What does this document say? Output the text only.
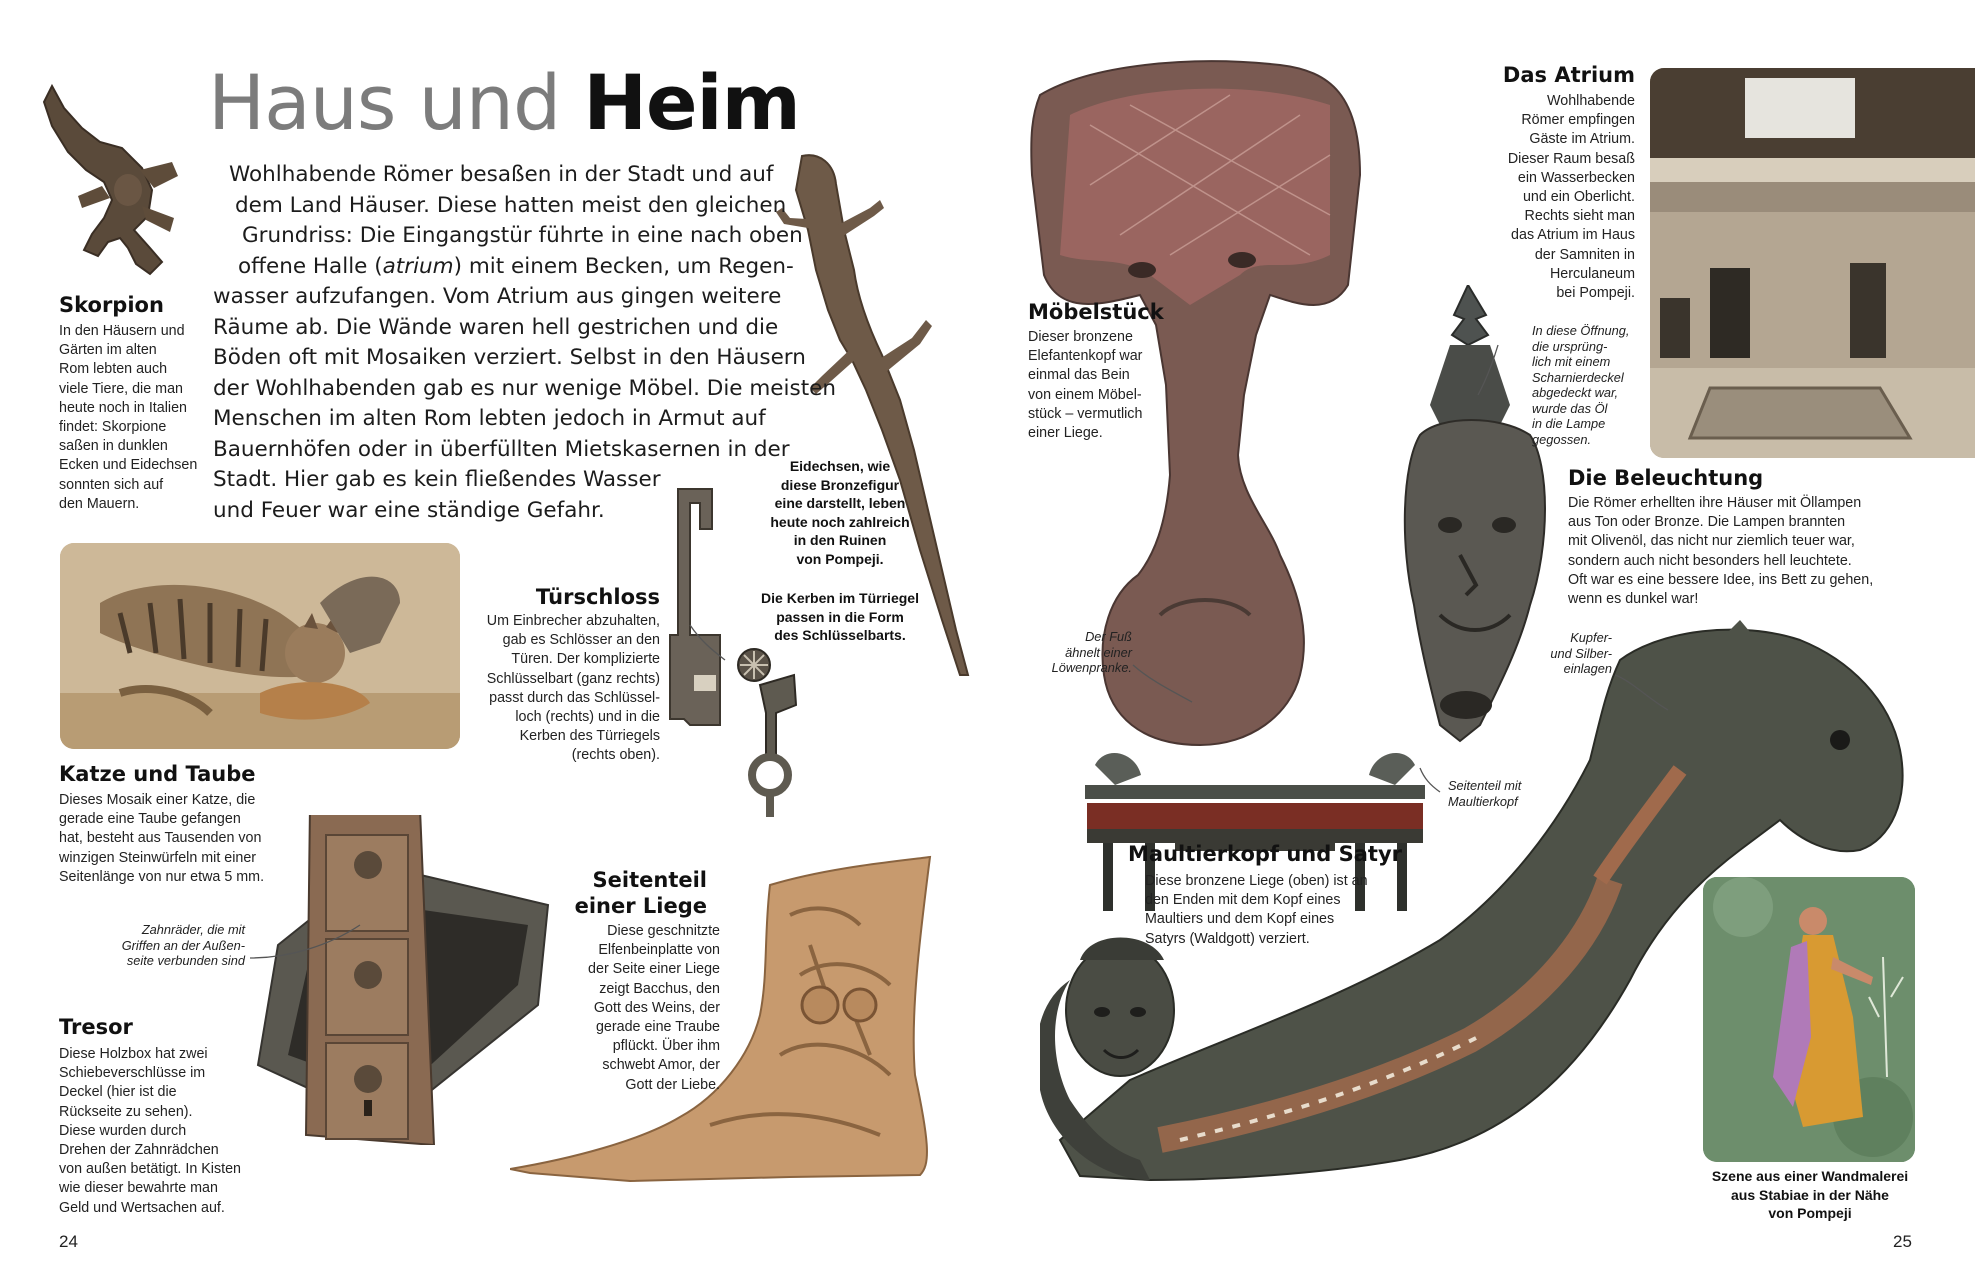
Haus und Heim
Wohlhabende Römer besaßen in der Stadt und auf
dem Land Häuser. Diese hatten meist den gleichen
Grundriss: Die Eingangstür führte in eine nach oben
offene Halle (atrium) mit einem Becken, um Regen-
wasser aufzufangen. Vom Atrium aus gingen weitere
Räume ab. Die Wände waren hell gestrichen und die
Böden oft mit Mosaiken verziert. Selbst in den Häusern
der Wohlhabenden gab es nur wenige Möbel. Die meisten
Menschen im alten Rom lebten jedoch in Armut auf
Bauernhöfen oder in überfüllten Mietskasernen in der
Stadt. Hier gab es kein fließendes Wasser
und Feuer war eine ständige Gefahr.
Skorpion
In den Häusern und
Gärten im alten
Rom lebten auch
viele Tiere, die man
heute noch in Italien
findet: Skorpione
saßen in dunklen
Ecken und Eidechsen
sonnten sich auf
den Mauern.
Eidechsen, wie
diese Bronzefigur
eine darstellt, leben
heute noch zahlreich
in den Ruinen
von Pompeji.
Die Kerben im Türriegel
passen in die Form
des Schlüsselbarts.
Türschloss
Um Einbrecher abzuhalten,
gab es Schlösser an den
Türen. Der komplizierte
Schlüsselbart (ganz rechts)
passt durch das Schlüssel-
loch (rechts) und in die
Kerben des Türriegels
(rechts oben).
Katze und Taube
Dieses Mosaik einer Katze, die
gerade eine Taube gefangen
hat, besteht aus Tausenden von
winzigen Steinwürfeln mit einer
Seitenlänge von nur etwa 5 mm.
Zahnräder, die mit
Griffen an der Außen-
seite verbunden sind
Tresor
Diese Holzbox hat zwei
Schiebeverschlüsse im
Deckel (hier ist die
Rückseite zu sehen).
Diese wurden durch
Drehen der Zahnrädchen
von außen betätigt. In Kisten
wie dieser bewahrte man
Geld und Wertsachen auf.
Seitenteil
einer Liege
Diese geschnitzte
Elfenbeinplatte von
der Seite einer Liege
zeigt Bacchus, den
Gott des Weins, der
gerade eine Traube
pflückt. Über ihm
schwebt Amor, der
Gott der Liebe.
Möbelstück
Dieser bronzene
Elefantenkopf war
einmal das Bein
von einem Möbel-
stück – vermutlich
einer Liege.
Der Fuß
ähnelt einer
Löwenpranke.
Das Atrium
Wohlhabende
Römer empfingen
Gäste im Atrium.
Dieser Raum besaß
ein Wasserbecken
und ein Oberlicht.
Rechts sieht man
das Atrium im Haus
der Samniten in
Herculaneum
bei Pompeji.
In diese Öffnung,
die ursprüng-
lich mit einem
Scharnierdeckel
abgedeckt war,
wurde das Öl
in die Lampe
gegossen.
Die Beleuchtung
Die Römer erhellten ihre Häuser mit Öllampen
aus Ton oder Bronze. Die Lampen brannten
mit Olivenöl, das nicht nur ziemlich teuer war,
sondern auch nicht besonders hell leuchtete.
Oft war es eine bessere Idee, ins Bett zu gehen,
wenn es dunkel war!
Kupfer-
und Silber-
einlagen
Seitenteil mit
Maultierkopf
Maultierkopf und Satyr
Diese bronzene Liege (oben) ist an
den Enden mit dem Kopf eines
Maultiers und dem Kopf eines
Satyrs (Waldgott) verziert.
Szene aus einer Wandmalerei
aus Stabiae in der Nähe
von Pompeji
24	25
